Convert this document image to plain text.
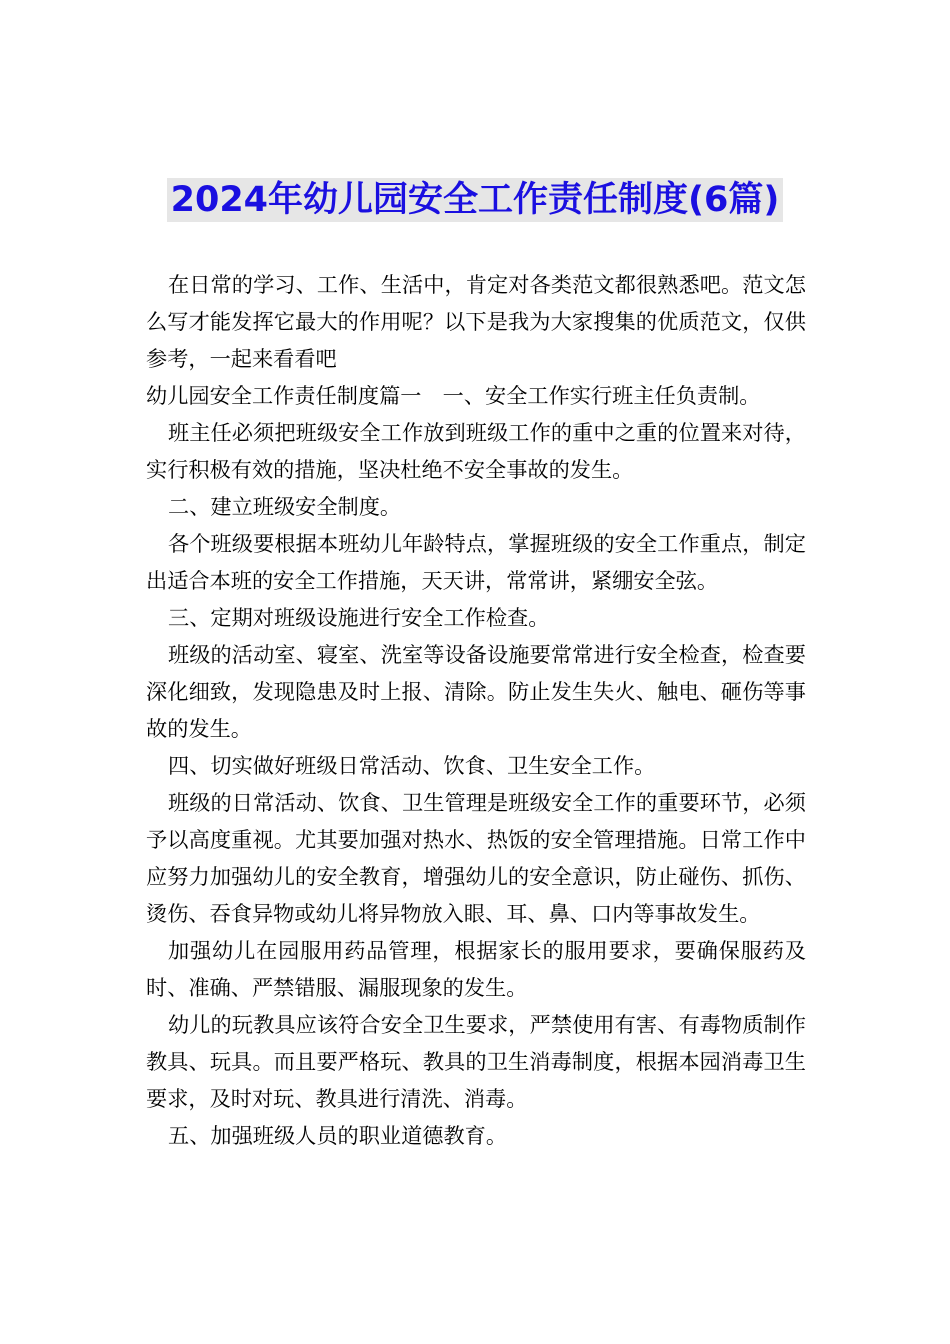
2024年幼儿园安全工作责任制度(6篇)

在日常的学习、工作、生活中，肯定对各类范文都很熟悉吧。范文怎么写才能发挥它最大的作用呢？以下是我为大家搜集的优质范文，仅供参考，一起来看看吧

幼儿园安全工作责任制度篇一　一、安全工作实行班主任负责制。

班主任必须把班级安全工作放到班级工作的重中之重的位置来对待，实行积极有效的措施，坚决杜绝不安全事故的发生。

二、建立班级安全制度。

各个班级要根据本班幼儿年龄特点，掌握班级的安全工作重点，制定出适合本班的安全工作措施，天天讲，常常讲，紧绷安全弦。

三、定期对班级设施进行安全工作检查。

班级的活动室、寝室、洗室等设备设施要常常进行安全检查，检查要深化细致，发现隐患及时上报、清除。防止发生失火、触电、砸伤等事故的发生。

四、切实做好班级日常活动、饮食、卫生安全工作。

班级的日常活动、饮食、卫生管理是班级安全工作的重要环节，必须予以高度重视。尤其要加强对热水、热饭的安全管理措施。日常工作中应努力加强幼儿的安全教育，增强幼儿的安全意识，防止碰伤、抓伤、烫伤、吞食异物或幼儿将异物放入眼、耳、鼻、口内等事故发生。

加强幼儿在园服用药品管理，根据家长的服用要求，要确保服药及时、准确、严禁错服、漏服现象的发生。

幼儿的玩教具应该符合安全卫生要求，严禁使用有害、有毒物质制作教具、玩具。而且要严格玩、教具的卫生消毒制度，根据本园消毒卫生要求，及时对玩、教具进行清洗、消毒。

五、加强班级人员的职业道德教育。
